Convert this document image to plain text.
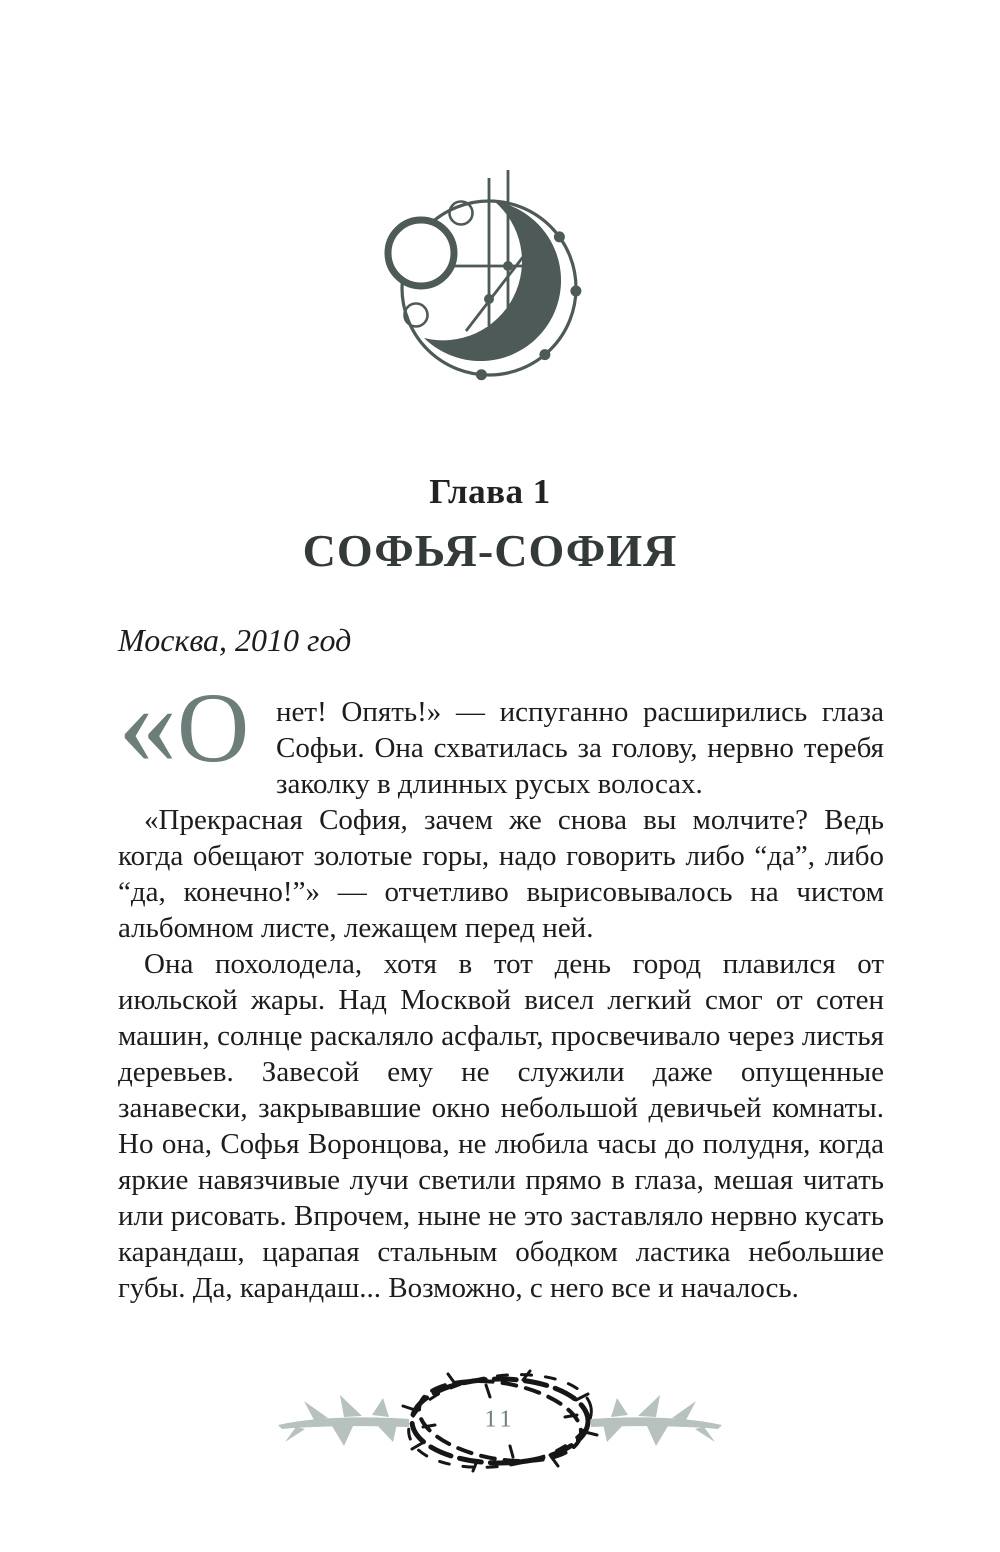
Глава 1
СОФЬЯ-СОФИЯ

Москва, 2010 год

« О нет! Опять!» — испуганно расширились глаза Софьи. Она схватилась за голову, нервно теребя заколку в длинных русых волосах.

«Прекрасная София, зачем же снова вы молчите? Ведь когда обещают золотые горы, надо говорить либо “да”, либо “да, конечно!”» — отчетливо вырисовывалось на чистом альбомном листе, лежащем перед ней.

Она похолодела, хотя в тот день город плавился от июльской жары. Над Москвой висел легкий смог от сотен машин, солнце раскаляло асфальт, просвечивало через листья деревьев. Завесой ему не служили даже опущенные занавески, закрывавшие окно небольшой девичьей комнаты. Но она, Софья Воронцова, не любила часы до полудня, когда яркие навязчивые лучи светили прямо в глаза, мешая читать или рисовать. Впрочем, ныне не это заставляло нервно кусать карандаш, царапая стальным ободком ластика небольшие губы. Да, карандаш... Возможно, с него все и началось.

11
